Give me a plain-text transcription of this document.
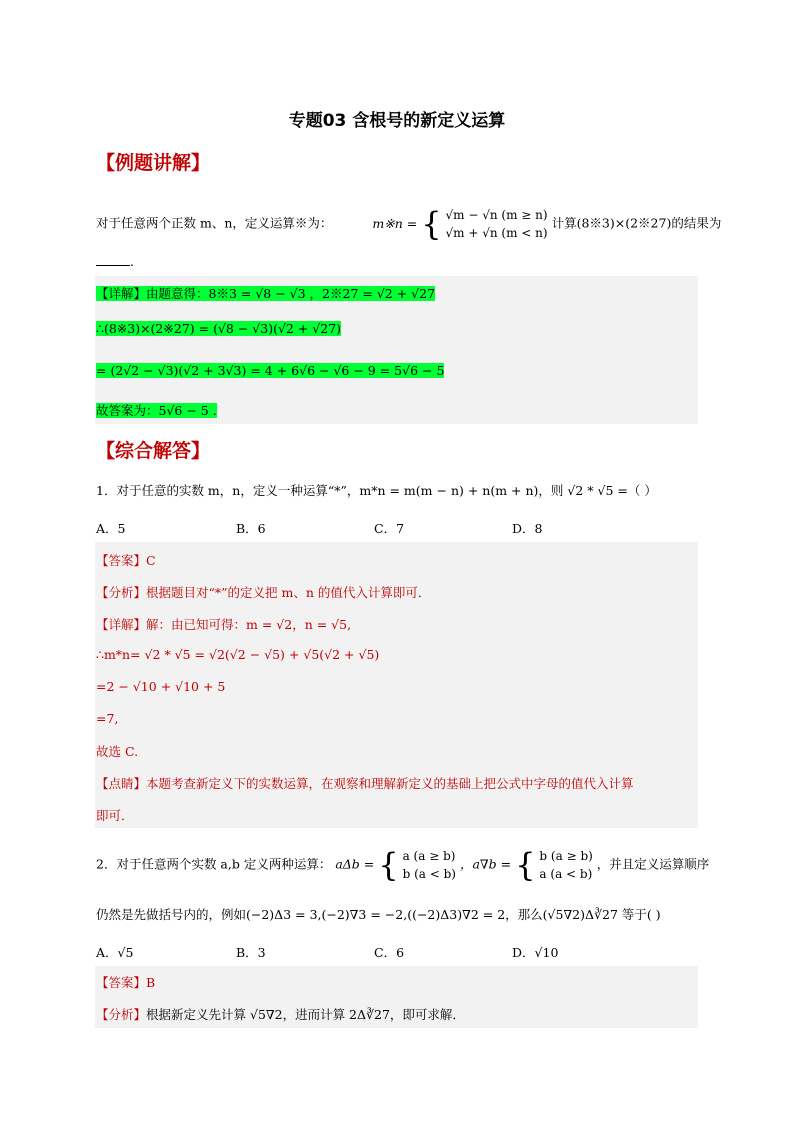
专题03 含根号的新定义运算
【例题讲解】
对于任意两个正数 m、n，定义运算※为：	m※n = { √m − √n (m ≥ n)
√m + √n (m < n) 计算(8※3)×(2※27)的结果为
.
【详解】由题意得：8※3 = √8 − √3 ，2※27 = √2 + √27
∴(8※3)×(2※27) = (√8 − √3)(√2 + √27)
= (2√2 − √3)(√2 + 3√3) = 4 + 6√6 − √6 − 9 = 5√6 − 5
故答案为：5√6 − 5 .
【综合解答】
1．对于任意的实数 m，n，定义一种运算“*”，m*n = m(m − n) + n(m + n)，则 √2 * √5 =（ ）
A．5	B．6	C．7	D．8
【答案】C
【分析】根据题目对“*”的定义把 m、n 的值代入计算即可．
【详解】解：由已知可得：m = √2，n = √5,
∴m*n= √2 * √5 = √2(√2 − √5) + √5(√2 + √5)
=2 − √10 + √10 + 5
=7,
故选 C.
【点睛】本题考查新定义下的实数运算，在观察和理解新定义的基础上把公式中字母的值代入计算
即可．
2．对于任意两个实数 a,b 定义两种运算： aΔb = { a (a ≥ b)
b (a < b) ，a∇b = { b (a ≥ b)
a (a < b) ，并且定义运算顺序
仍然是先做括号内的，例如(−2)Δ3 = 3,(−2)∇3 = −2,((−2)Δ3)∇2 = 2，那么(√5∇2)Δ∛27 等于( )
A．√5	B．3	C．6	D．√10
【答案】B
【分析】根据新定义先计算 √5∇2，进而计算 2Δ∛27，即可求解．
